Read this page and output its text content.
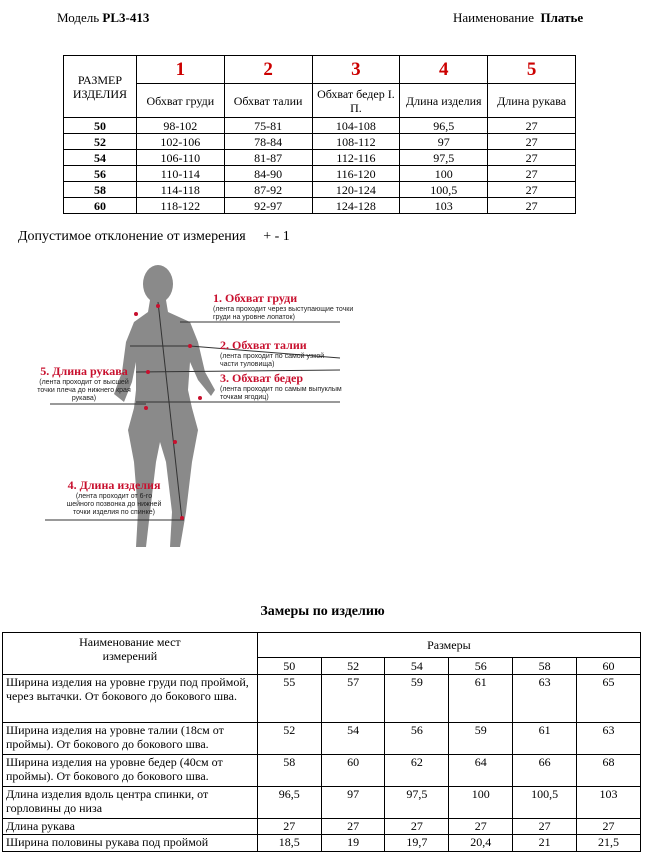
Модель PL3-413	Наименование Платье
РАЗМЕР ИЗДЕЛИЯ	1	2	3	4	5
	Обхват груди	Обхват талии	Обхват бедер I. П.	Длина изделия	Длина рукава
50	98-102	75-81	104-108	96,5	27
52	102-106	78-84	108-112	97	27
54	106-110	81-87	112-116	97,5	27
56	110-114	84-90	116-120	100	27
58	114-118	87-92	120-124	100,5	27
60	118-122	92-97	124-128	103	27
Допустимое отклонение от измерения + - 1
1. Обхват груди
(лента проходит через выступающие точки груди на уровне лопаток)
2. Обхват талии
(лента проходит по самой узкой части туловища)
3. Обхват бедер
(лента проходит по самым выпуклым точкам ягодиц)
4. Длина изделия
(лента проходит от 6-го шейного позвонка до нижней точки изделия по спинке)
5. Длина рукава
(лента проходит от высшей точки плеча до нижнего края рукава)
Замеры по изделию
Наименование мест измерений	Размеры					
	50	52	54	56	58	60
Ширина изделия на уровне груди под проймой, через вытачки. От бокового до бокового шва.	55	57	59	61	63	65
Ширина изделия на уровне талии (18см от проймы). От бокового до бокового шва.	52	54	56	59	61	63
Ширина изделия на уровне бедер (40см от проймы). От бокового до бокового шва.	58	60	62	64	66	68
Длина изделия вдоль центра спинки, от горловины до низа	96,5	97	97,5	100	100,5	103
Длина рукава	27	27	27	27	27	27
Ширина половины рукава под проймой	18,5	19	19,7	20,4	21	21,5
